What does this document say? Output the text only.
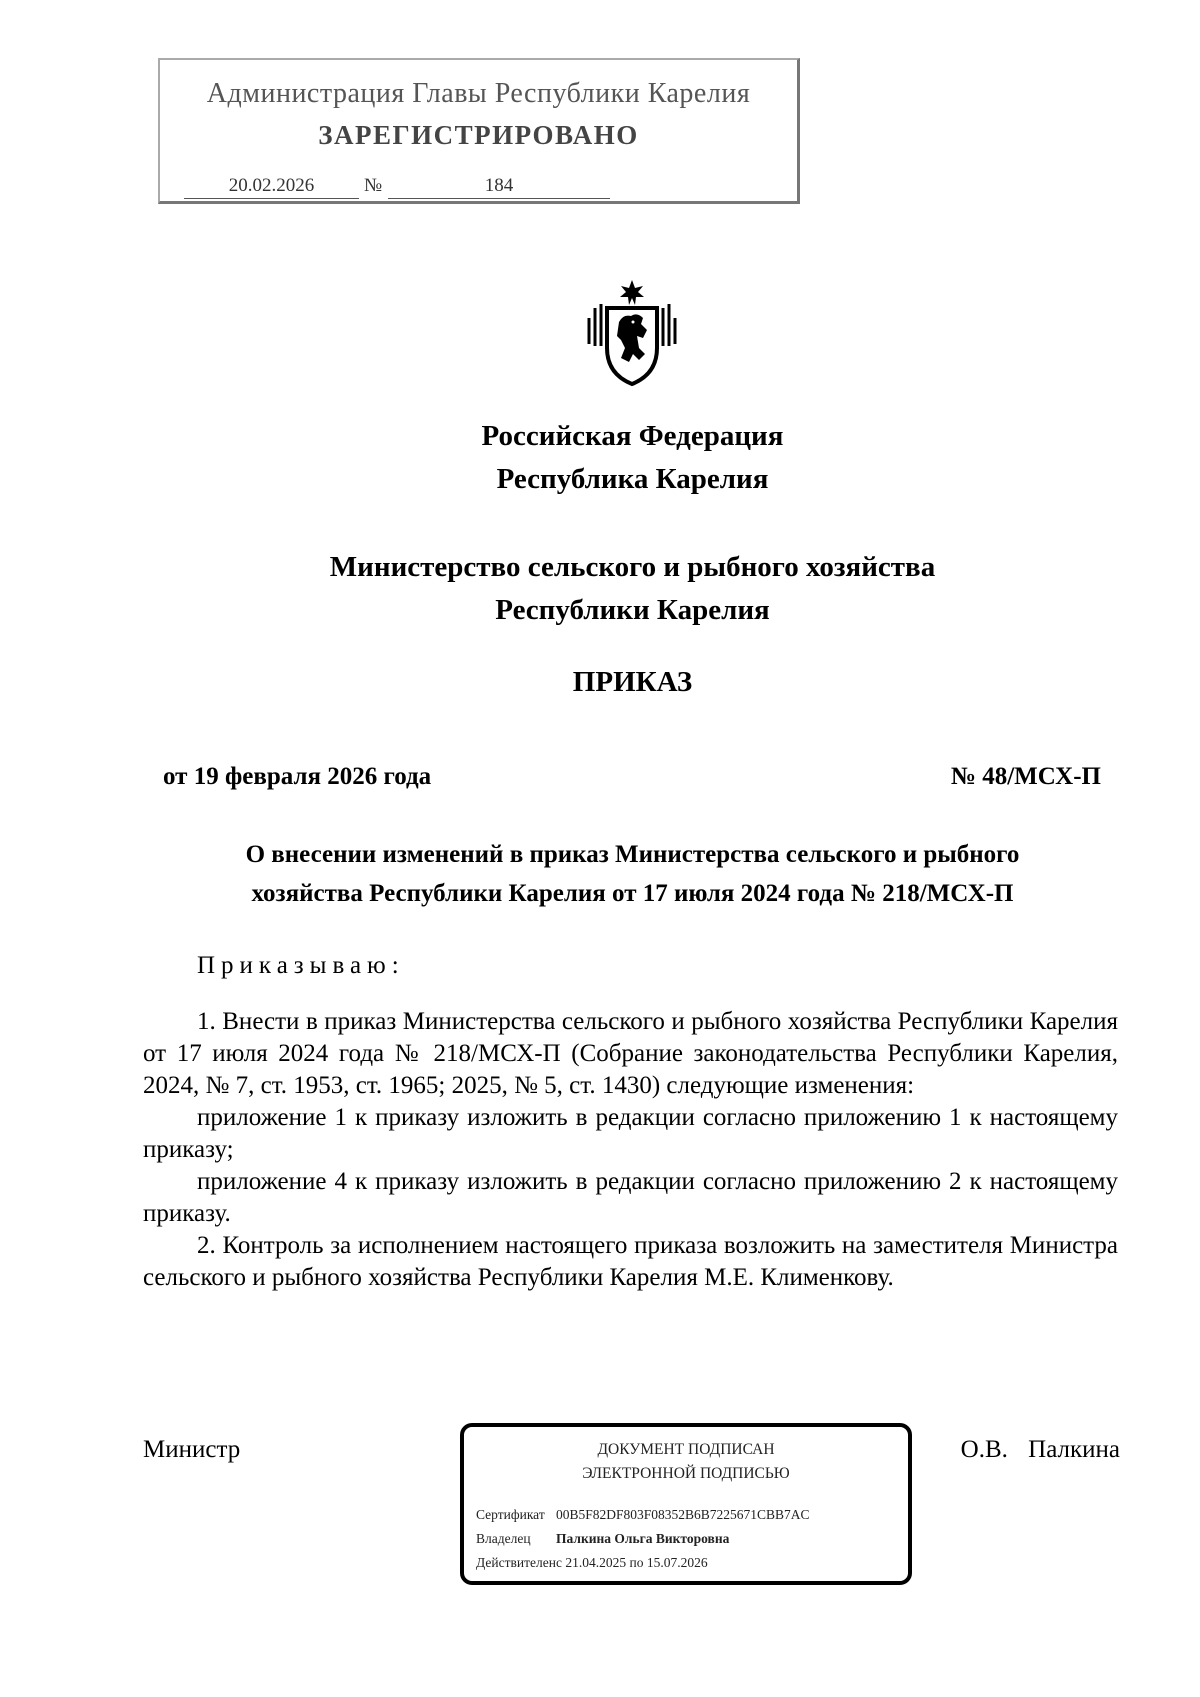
Администрация Главы Республики Карелия
ЗАРЕГИСТРИРОВАНО
20.02.2026	№	184
Российская Федерация
Республика Карелия
Министерство сельского и рыбного хозяйства
Республики Карелия
ПРИКАЗ
от 19 февраля 2026 года	№ 48/МСХ-П
О внесении изменений в приказ Министерства сельского и рыбного
хозяйства Республики Карелия от 17 июля 2024 года № 218/МСХ-П
Приказываю:

1. Внести в приказ Министерства сельского и рыбного хозяйства Республики Карелия от 17 июля 2024 года № 218/МСХ-П (Собрание законодательства Республики Карелия, 2024, № 7, ст. 1953, ст. 1965; 2025, № 5, ст. 1430) следующие изменения:

приложение 1 к приказу изложить в редакции согласно приложению 1 к настоящему приказу;

приложение 4 к приказу изложить в редакции согласно приложению 2 к настоящему приказу.

2. Контроль за исполнением настоящего приказа возложить на заместителя Министра сельского и рыбного хозяйства Республики Карелия М.Е. Клименкову.

Министр	О.В. Палкина
ДОКУМЕНТ ПОДПИСАН
ЭЛЕКТРОННОЙ ПОДПИСЬЮ
Сертификат 00B5F82DF803F08352B6B7225671CBB7AC
Владелец Палкина Ольга Викторовна
Действителенс 21.04.2025 по 15.07.2026
